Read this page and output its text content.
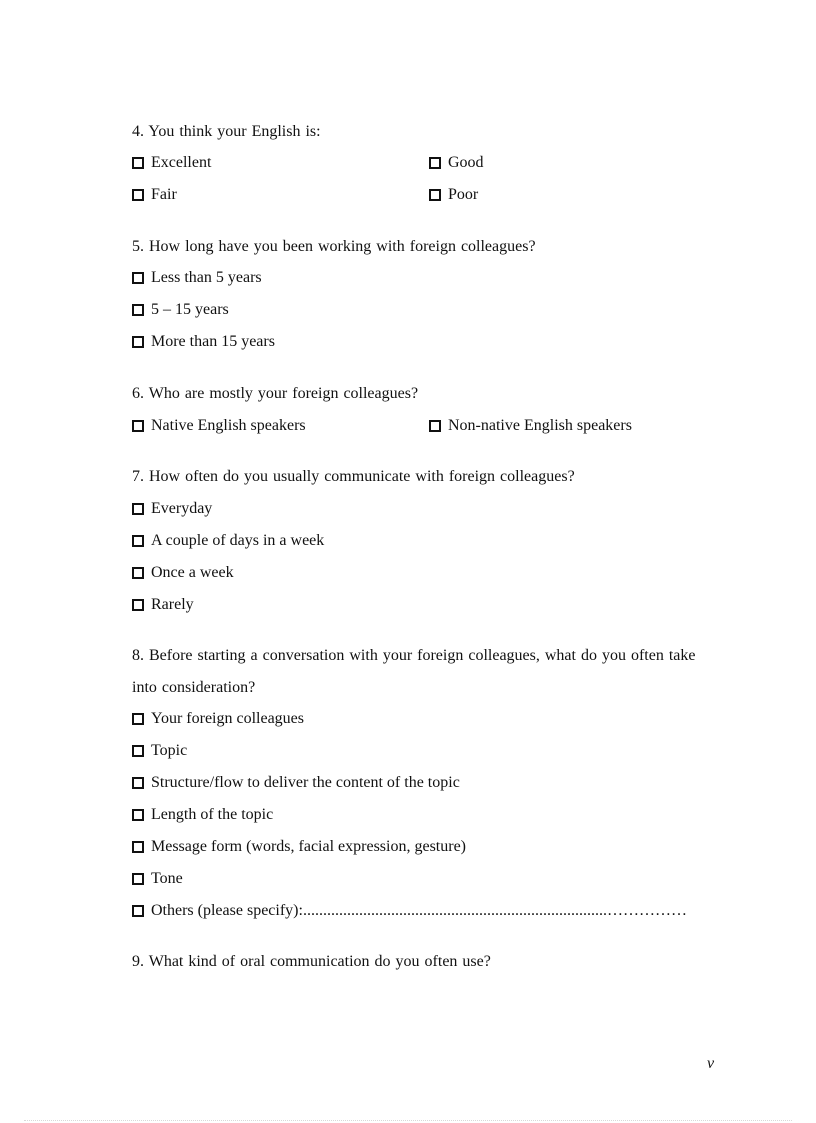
4. You think your English is:
Excellent	Good
Fair	Poor
5. How long have you been working with foreign colleagues?
Less than 5 years
5 – 15 years
More than 15 years
6. Who are mostly your foreign colleagues?
Native English speakers	Non-native English speakers
7. How often do you usually communicate with foreign colleagues?
Everyday
A couple of days in a week
Once a week
Rarely
8. Before starting a conversation with your foreign colleagues, what do you often take
into consideration?
Your foreign colleagues
Topic
Structure/flow to deliver the content of the topic
Length of the topic
Message form (words, facial expression, gesture)
Tone
Others (please specify):............................................................................……………
9. What kind of oral communication do you often use?
v
